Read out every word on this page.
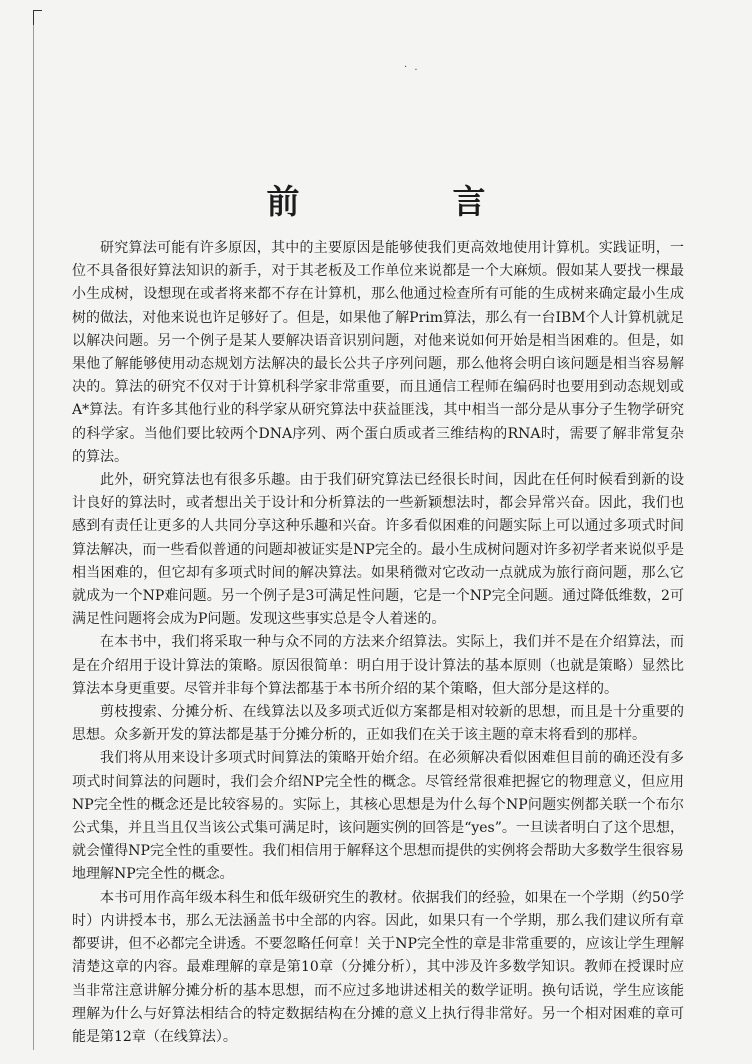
· .
前　言

研究算法可能有许多原因，其中的主要原因是能够使我们更高效地使用计算机。实践证明，一位不具备很好算法知识的新手，对于其老板及工作单位来说都是一个大麻烦。假如某人要找一棵最小生成树，设想现在或者将来都不存在计算机，那么他通过检查所有可能的生成树来确定最小生成树的做法，对他来说也许足够好了。但是，如果他了解Prim算法，那么有一台IBM个人计算机就足以解决问题。另一个例子是某人要解决语音识别问题，对他来说如何开始是相当困难的。但是，如果他了解能够使用动态规划方法解决的最长公共子序列问题，那么他将会明白该问题是相当容易解决的。算法的研究不仅对于计算机科学家非常重要，而且通信工程师在编码时也要用到动态规划或A*算法。有许多其他行业的科学家从研究算法中获益匪浅，其中相当一部分是从事分子生物学研究的科学家。当他们要比较两个DNA序列、两个蛋白质或者三维结构的RNA时，需要了解非常复杂的算法。

此外，研究算法也有很多乐趣。由于我们研究算法已经很长时间，因此在任何时候看到新的设计良好的算法时，或者想出关于设计和分析算法的一些新颖想法时，都会异常兴奋。因此，我们也感到有责任让更多的人共同分享这种乐趣和兴奋。许多看似困难的问题实际上可以通过多项式时间算法解决，而一些看似普通的问题却被证实是NP完全的。最小生成树问题对许多初学者来说似乎是相当困难的，但它却有多项式时间的解决算法。如果稍微对它改动一点就成为旅行商问题，那么它就成为一个NP难问题。另一个例子是3可满足性问题，它是一个NP完全问题。通过降低维数，2可满足性问题将会成为P问题。发现这些事实总是令人着迷的。

在本书中，我们将采取一种与众不同的方法来介绍算法。实际上，我们并不是在介绍算法，而是在介绍用于设计算法的策略。原因很简单：明白用于设计算法的基本原则（也就是策略）显然比算法本身更重要。尽管并非每个算法都基于本书所介绍的某个策略，但大部分是这样的。

剪枝搜索、分摊分析、在线算法以及多项式近似方案都是相对较新的思想，而且是十分重要的思想。众多新开发的算法都是基于分摊分析的，正如我们在关于该主题的章末将看到的那样。

我们将从用来设计多项式时间算法的策略开始介绍。在必须解决看似困难但目前的确还没有多项式时间算法的问题时，我们会介绍NP完全性的概念。尽管经常很难把握它的物理意义，但应用NP完全性的概念还是比较容易的。实际上，其核心思想是为什么每个NP问题实例都关联一个布尔公式集，并且当且仅当该公式集可满足时，该问题实例的回答是“yes”。一旦读者明白了这个思想，就会懂得NP完全性的重要性。我们相信用于解释这个思想而提供的实例将会帮助大多数学生很容易地理解NP完全性的概念。

本书可用作高年级本科生和低年级研究生的教材。依据我们的经验，如果在一个学期（约50学时）内讲授本书，那么无法涵盖书中全部的内容。因此，如果只有一个学期，那么我们建议所有章都要讲，但不必都完全讲透。不要忽略任何章！关于NP完全性的章是非常重要的，应该让学生理解清楚这章的内容。最难理解的章是第10章（分摊分析），其中涉及许多数学知识。教师在授课时应当非常注意讲解分摊分析的基本思想，而不应过多地讲述相关的数学证明。换句话说，学生应该能理解为什么与好算法相结合的特定数据结构在分摊的意义上执行得非常好。另一个相对困难的章可能是第12章（在线算法）。
